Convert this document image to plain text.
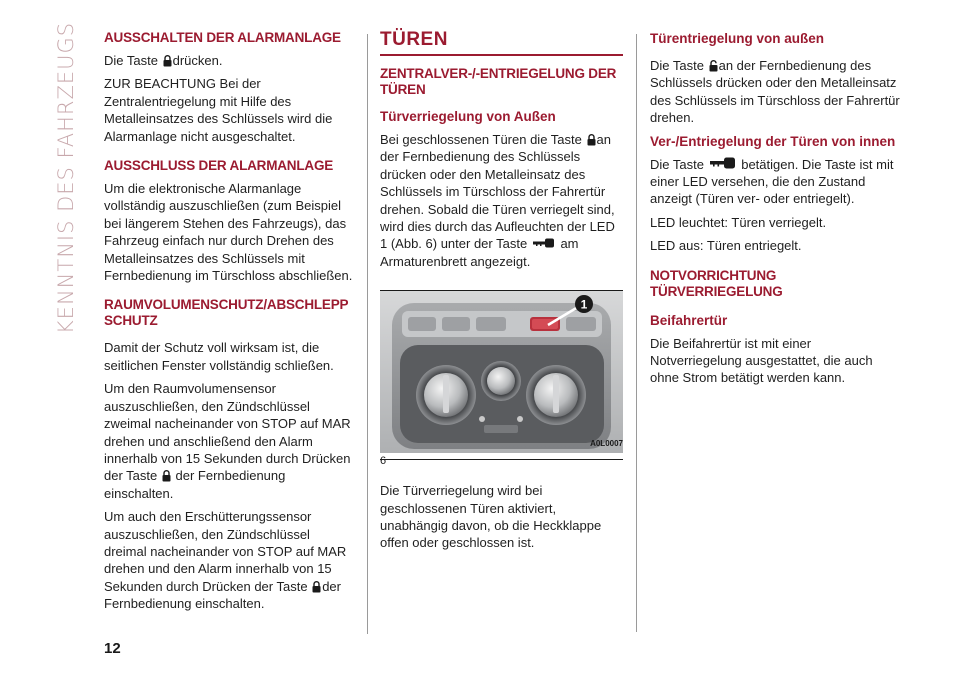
KENNTNIS DES FAHRZEUGS AUSSCHALTEN DER ALARMANLAGE

Die Taste drücken.

ZUR BEACHTUNG Bei der Zentralentriegelung mit Hilfe des Metalleinsatzes des Schlüssels wird die Alarmanlage nicht ausgeschaltet.

AUSSCHLUSS DER ALARMANLAGE

Um die elektronische Alarmanlage vollständig auszuschließen (zum Beispiel bei längerem Stehen des Fahrzeugs), das Fahrzeug einfach nur durch Drehen des Metalleinsatzes des Schlüssels mit Fernbedienung im Türschloss abschließen.

RAUMVOLUMENSCHUTZ/ABSCHLEPP SCHUTZ

Damit der Schutz voll wirksam ist, die seitlichen Fenster vollständig schließen.

Um den Raumvolumensensor auszuschließen, den Zündschlüssel zweimal nacheinander von STOP auf MAR drehen und anschließend den Alarm innerhalb von 15 Sekunden durch Drücken der Taste der Fernbedienung einschalten.

Um auch den Erschütterungssensor auszuschließen, den Zündschlüssel dreimal nacheinander von STOP auf MAR drehen und den Alarm innerhalb von 15 Sekunden durch Drücken der Taste der Fernbedienung einschalten.

TÜREN
ZENTRALVER-/-ENTRIEGELUNG DER TÜREN
Türverriegelung von Außen

Bei geschlossenen Türen die Taste an der Fernbedienung des Schlüssels drücken oder den Metalleinsatz des Schlüssels im Türschloss der Fahrertür drehen. Sobald die Türen verriegelt sind, wird dies durch das Aufleuchten der LED 1 (Abb. 6) unter der Taste	am Armaturenbrett angezeigt.

1
6
A0L0007

Die Türverriegelung wird bei geschlossenen Türen aktiviert, unabhängig davon, ob die Heckklappe offen oder geschlossen ist.

Türentriegelung von außen

Die Taste an der Fernbedienung des Schlüssels drücken oder den Metalleinsatz des Schlüssels im Türschloss der Fahrertür drehen.

Ver-/Entriegelung der Türen von innen

Die Taste	betätigen. Die Taste ist mit einer LED versehen, die den Zustand anzeigt (Türen ver- oder entriegelt).

LED leuchtet: Türen verriegelt.

LED aus: Türen entriegelt.

NOTVORRICHTUNG TÜRVERRIEGELUNG
Beifahrertür

Die Beifahrertür ist mit einer Notverriegelung ausgestattet, die auch ohne Strom betätigt werden kann.

12
